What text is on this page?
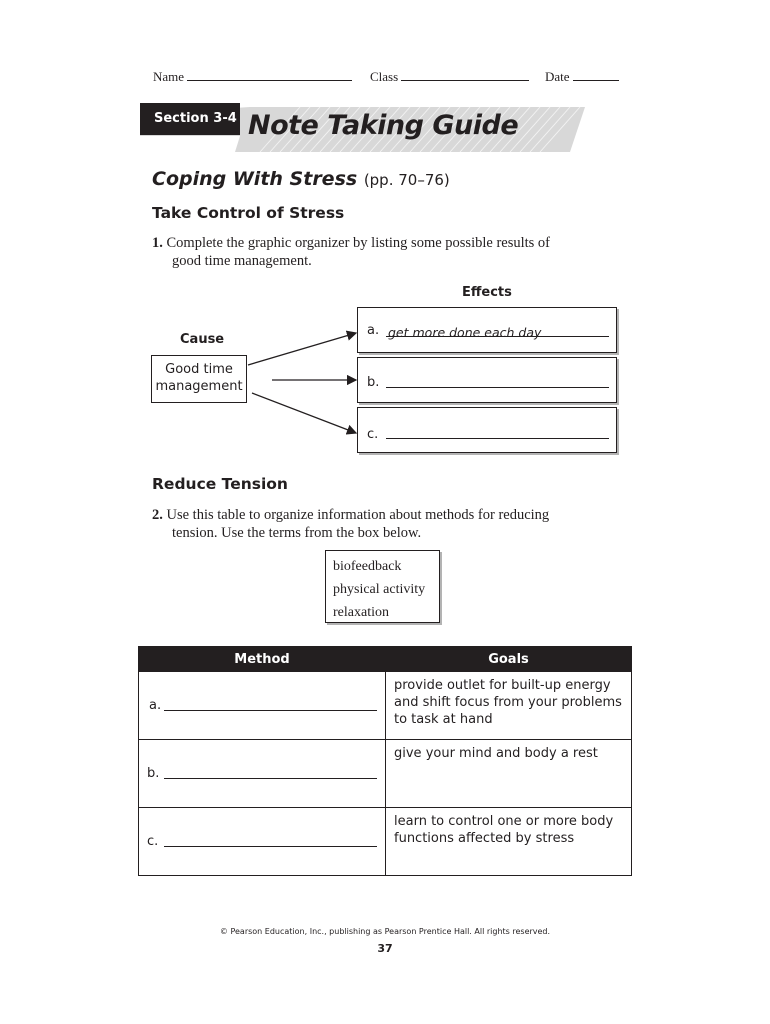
Name	Class	Date
Section 3-4 Note Taking Guide
Coping With Stress (pp. 70–76)
Take Control of Stress
1. Complete the graphic organizer by listing some possible results of
good time management.
Effects
Cause
Good time
management
a. get more done each day
b.
c.
Reduce Tension
2. Use this table to organize information about methods for reducing
tension. Use the terms from the box below.
biofeedback
physical activity
relaxation
Method	Goals

a.	provide outlet for built-up energy and shift focus from your problems to task at hand

b.	give your mind and body a rest

c.	learn to control one or more body functions affected by stress
© Pearson Education, Inc., publishing as Pearson Prentice Hall. All rights reserved.
37
